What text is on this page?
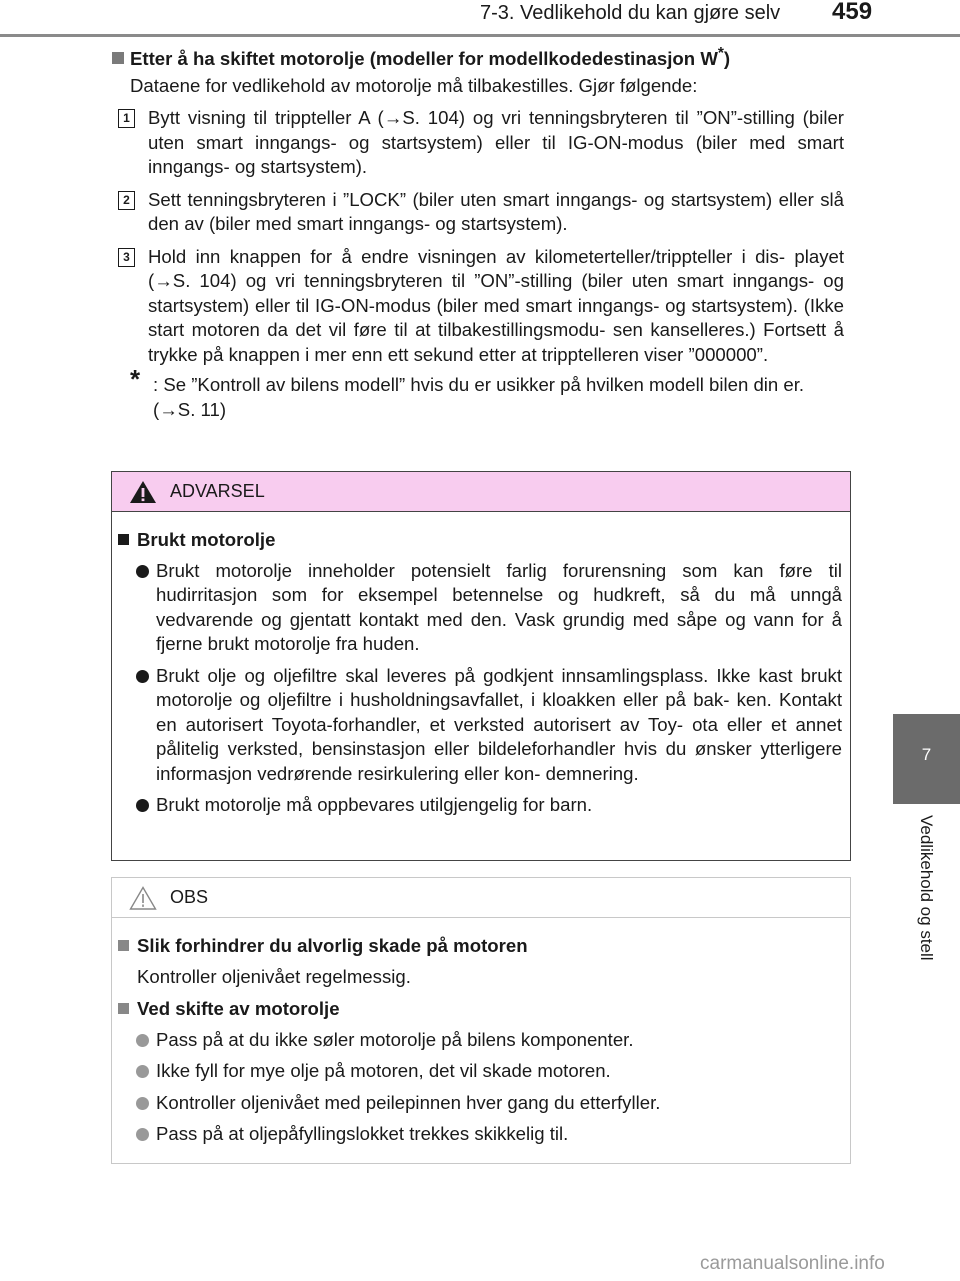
7-3. Vedlikehold du kan gjøre selv 459
7
Vedlikehold og stell
Etter å ha skiftet motorolje (modeller for modellkodedestinasjon W*)
Dataene for vedlikehold av motorolje må tilbakestilles. Gjør følgende:
1 Bytt visning til trippteller A (→S. 104) og vri tenningsbryteren til ”ON”-stilling (biler uten smart inngangs- og startsystem) eller til IG-ON-modus (biler med smart inngangs- og startsystem).
2 Sett tenningsbryteren i ”LOCK” (biler uten smart inngangs- og startsystem) eller slå den av (biler med smart inngangs- og startsystem).
3 Hold inn knappen for å endre visningen av kilometerteller/trippteller i dis- playet (→S. 104) og vri tenningsbryteren til ”ON”-stilling (biler uten smart inngangs- og startsystem) eller til IG-ON-modus (biler med smart inngangs- og startsystem). (Ikke start motoren da det vil føre til at tilbakestillingsmodu- sen kanselleres.) Fortsett å trykke på knappen i mer enn ett sekund etter at tripptelleren viser ”000000”.
* : Se ”Kontroll av bilens modell” hvis du er usikker på hvilken modell bilen din er. (→S. 11)
ADVARSEL
Brukt motorolje
Brukt motorolje inneholder potensielt farlig forurensning som kan føre til hudirritasjon som for eksempel betennelse og hudkreft, så du må unngå vedvarende og gjentatt kontakt med den. Vask grundig med såpe og vann for å fjerne brukt motorolje fra huden.
Brukt olje og oljefiltre skal leveres på godkjent innsamlingsplass. Ikke kast brukt motorolje og oljefiltre i husholdningsavfallet, i kloakken eller på bak- ken. Kontakt en autorisert Toyota-forhandler, et verksted autorisert av Toy- ota eller et annet pålitelig verksted, bensinstasjon eller bildeleforhandler hvis du ønsker ytterligere informasjon vedrørende resirkulering eller kon- demnering.
Brukt motorolje må oppbevares utilgjengelig for barn.
OBS
Slik forhindrer du alvorlig skade på motoren
Kontroller oljenivået regelmessig.
Ved skifte av motorolje
Pass på at du ikke søler motorolje på bilens komponenter.
Ikke fyll for mye olje på motoren, det vil skade motoren.
Kontroller oljenivået med peilepinnen hver gang du etterfyller.
Pass på at oljepåfyllingslokket trekkes skikkelig til.
carmanualsonline.info
